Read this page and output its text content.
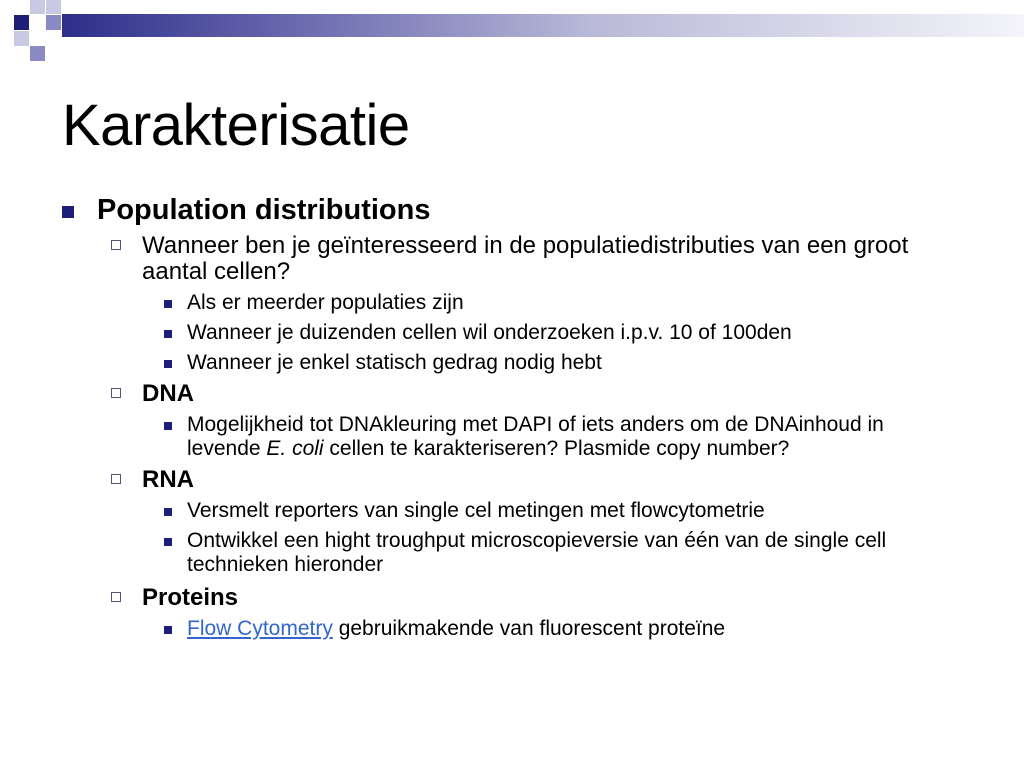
Karakterisatie
Population distributions
Wanneer ben je geïnteresseerd in de populatiedistributies van een groot aantal cellen?
Als er meerder populaties zijn
Wanneer je duizenden cellen wil onderzoeken i.p.v. 10 of 100den
Wanneer je enkel statisch gedrag nodig hebt
DNA
Mogelijkheid tot DNAkleuring met DAPI of iets anders om de DNAinhoud in levende E. coli cellen te karakteriseren? Plasmide copy number?
RNA
Versmelt reporters van single cel metingen met flowcytometrie
Ontwikkel een hight troughput microscopieversie van één van de single cell technieken hieronder
Proteins
Flow Cytometry gebruikmakende van fluorescent proteïne
